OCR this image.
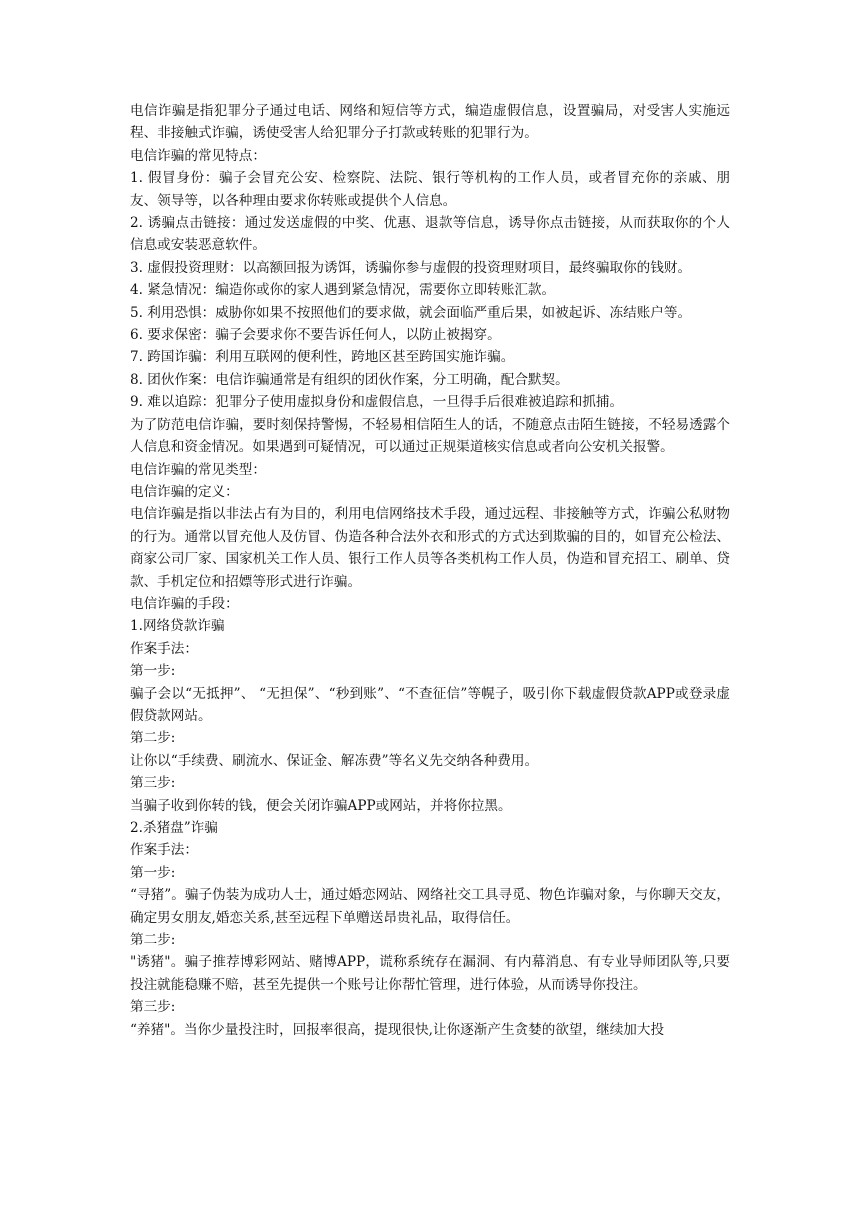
电信诈骗是指犯罪分子通过电话、网络和短信等方式，编造虚假信息，设置骗局，对受害人实施远程、非接触式诈骗，诱使受害人给犯罪分子打款或转账的犯罪行为。

电信诈骗的常见特点：

1. 假冒身份：骗子会冒充公安、检察院、法院、银行等机构的工作人员，或者冒充你的亲戚、朋友、领导等，以各种理由要求你转账或提供个人信息。

2. 诱骗点击链接：通过发送虚假的中奖、优惠、退款等信息，诱导你点击链接，从而获取你的个人信息或安装恶意软件。

3. 虚假投资理财：以高额回报为诱饵，诱骗你参与虚假的投资理财项目，最终骗取你的钱财。

4. 紧急情况：编造你或你的家人遇到紧急情况，需要你立即转账汇款。

5. 利用恐惧：威胁你如果不按照他们的要求做，就会面临严重后果，如被起诉、冻结账户等。

6. 要求保密：骗子会要求你不要告诉任何人，以防止被揭穿。

7. 跨国诈骗：利用互联网的便利性，跨地区甚至跨国实施诈骗。

8. 团伙作案：电信诈骗通常是有组织的团伙作案，分工明确，配合默契。

9. 难以追踪：犯罪分子使用虚拟身份和虚假信息，一旦得手后很难被追踪和抓捕。

为了防范电信诈骗，要时刻保持警惕，不轻易相信陌生人的话，不随意点击陌生链接，不轻易透露个人信息和资金情况。如果遇到可疑情况，可以通过正规渠道核实信息或者向公安机关报警。

电信诈骗的常见类型：

电信诈骗的定义：

电信诈骗是指以非法占有为目的，利用电信网络技术手段，通过远程、非接触等方式，诈骗公私财物的行为。通常以冒充他人及仿冒、伪造各种合法外衣和形式的方式达到欺骗的目的，如冒充公检法、商家公司厂家、国家机关工作人员、银行工作人员等各类机构工作人员，伪造和冒充招工、刷单、贷款、手机定位和招嫖等形式进行诈骗。

电信诈骗的手段：

1.网络贷款诈骗

作案手法：

第一步:

骗子会以“无抵押”、 “无担保”、“秒到账”、“不查征信”等幌子，吸引你下载虚假贷款APP或登录虚假贷款网站。

第二步:

让你以“手续费、刷流水、保证金、解冻费”等名义先交纳各种费用。

第三步:

当骗子收到你转的钱，便会关闭诈骗APP或网站，并将你拉黑。

2.杀猪盘”诈骗

作案手法：

第一步:

“寻猪”。骗子伪装为成功人士，通过婚恋网站、网络社交工具寻觅、物色诈骗对象，与你聊天交友，确定男女朋友,婚恋关系,甚至远程下单赠送昂贵礼品，取得信任。

第二步:

"诱猪"。骗子推荐博彩网站、赌博APP，谎称系统存在漏洞、有内幕消息、有专业导师团队等,只要投注就能稳赚不赔，甚至先提供一个账号让你帮忙管理，进行体验，从而诱导你投注。

第三步:

“养猪"。当你少量投注时，回报率很高，提现很快,让你逐渐产生贪婪的欲望，继续加大投
